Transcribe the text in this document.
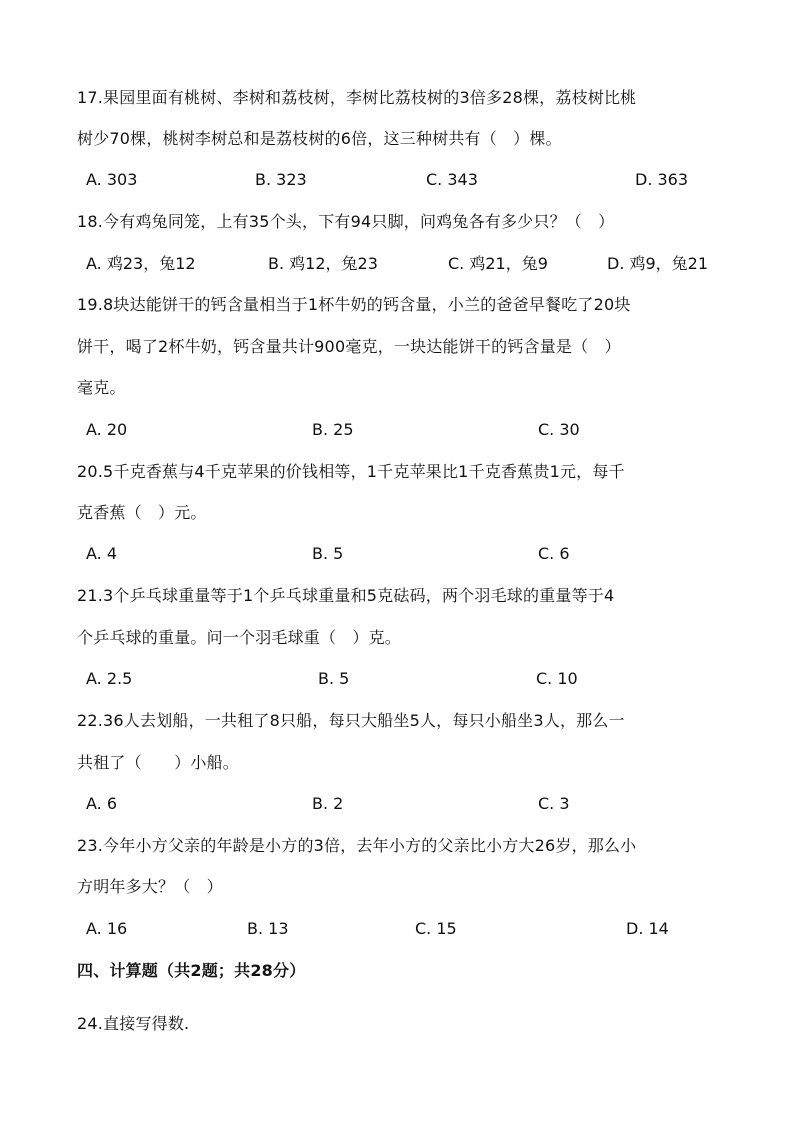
17.果园里面有桃树、李树和荔枝树，李树比荔枝树的3倍多28棵，荔枝树比桃
树少70棵，桃树李树总和是荔枝树的6倍，这三种树共有（　）棵。
A. 303	B. 323	C. 343	D. 363
18.今有鸡兔同笼，上有35个头，下有94只脚，问鸡兔各有多少只？（　）
A. 鸡23，兔12	B. 鸡12，兔23	C. 鸡21，兔9	D. 鸡9，兔21
19.8块达能饼干的钙含量相当于1杯牛奶的钙含量，小兰的爸爸早餐吃了20块
饼干，喝了2杯牛奶，钙含量共计900毫克，一块达能饼干的钙含量是（　）
毫克。
A. 20	B. 25	C. 30
20.5千克香蕉与4千克苹果的价钱相等，1千克苹果比1千克香蕉贵1元，每千
克香蕉（　）元。
A. 4	B. 5	C. 6
21.3个乒乓球重量等于1个乒乓球重量和5克砝码，两个羽毛球的重量等于4
个乒乓球的重量。问一个羽毛球重（　）克。
A. 2.5	B. 5	C. 10
22.36人去划船，一共租了8只船，每只大船坐5人，每只小船坐3人，那么一
共租了（　　）小船。
A. 6	B. 2	C. 3
23.今年小方父亲的年龄是小方的3倍，去年小方的父亲比小方大26岁，那么小
方明年多大？（　）
A. 16	B. 13	C. 15	D. 14
四、计算题（共2题；共28分）
24.直接写得数.
